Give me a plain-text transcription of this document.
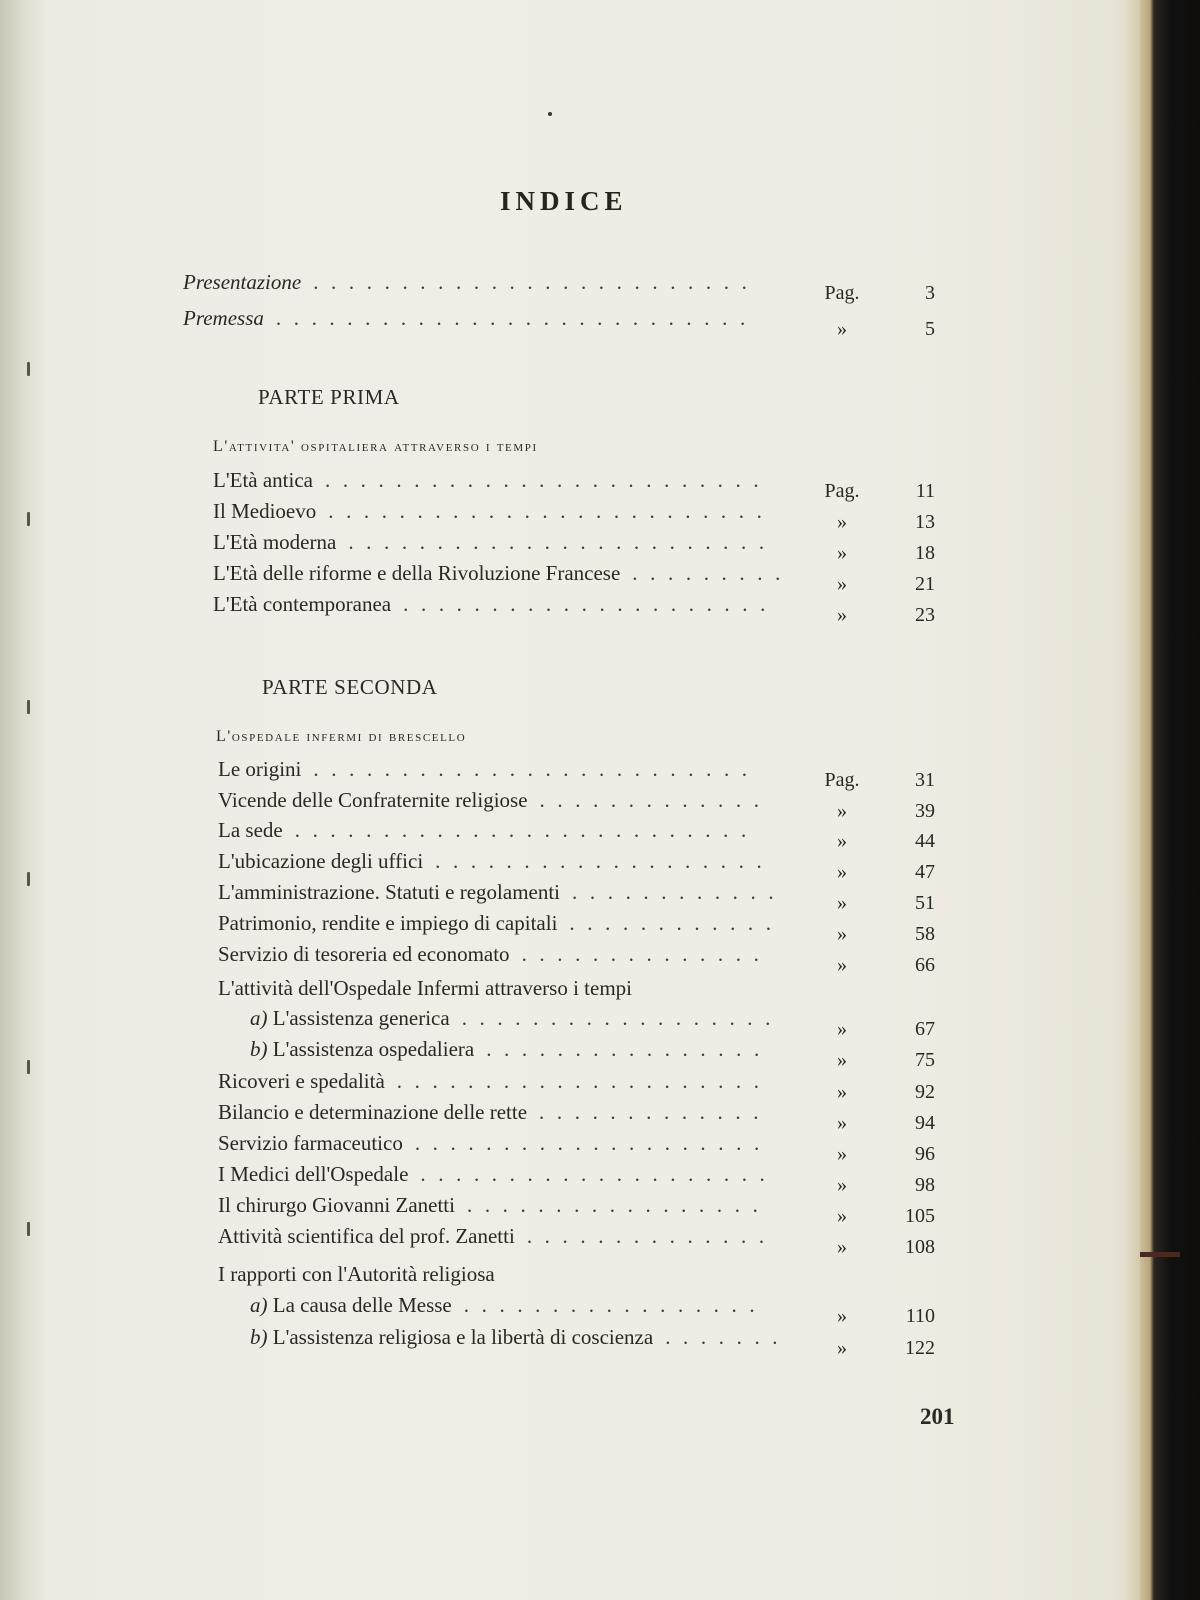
INDICE
Presentazione .........................	Pag.	3
Premessa ...........................	»	5
PARTE PRIMA
L'attivita' ospitaliera attraverso i tempi
L'Età antica .........................	Pag.	11
Il Medioevo .........................	»	13
L'Età moderna ........................	»	18
L'Età delle riforme e della Rivoluzione Francese .........	»	21
L'Età contemporanea .....................	»	23
PARTE SECONDA
L'ospedale infermi di brescello
Le origini .........................	Pag.	31
Vicende delle Confraternite religiose .............	»	39
La sede ..........................	»	44
L'ubicazione degli uffici ...................	»	47
L'amministrazione. Statuti e regolamenti ............	»	51
Patrimonio, rendite e impiego di capitali ............	»	58
Servizio di tesoreria ed economato ..............	»	66
L'attività dell'Ospedale Infermi attraverso i tempi
a) L'assistenza generica ..................	»	67
b) L'assistenza ospedaliera ................	»	75
Ricoveri e spedalità .....................	»	92
Bilancio e determinazione delle rette .............	»	94
Servizio farmaceutico ....................	»	96
I Medici dell'Ospedale ....................	»	98
Il chirurgo Giovanni Zanetti .................	»	105
Attività scientifica del prof. Zanetti ..............	»	108
I rapporti con l'Autorità religiosa
a) La causa delle Messe .................	»	110
b) L'assistenza religiosa e la libertà di coscienza .......	»	122
201
